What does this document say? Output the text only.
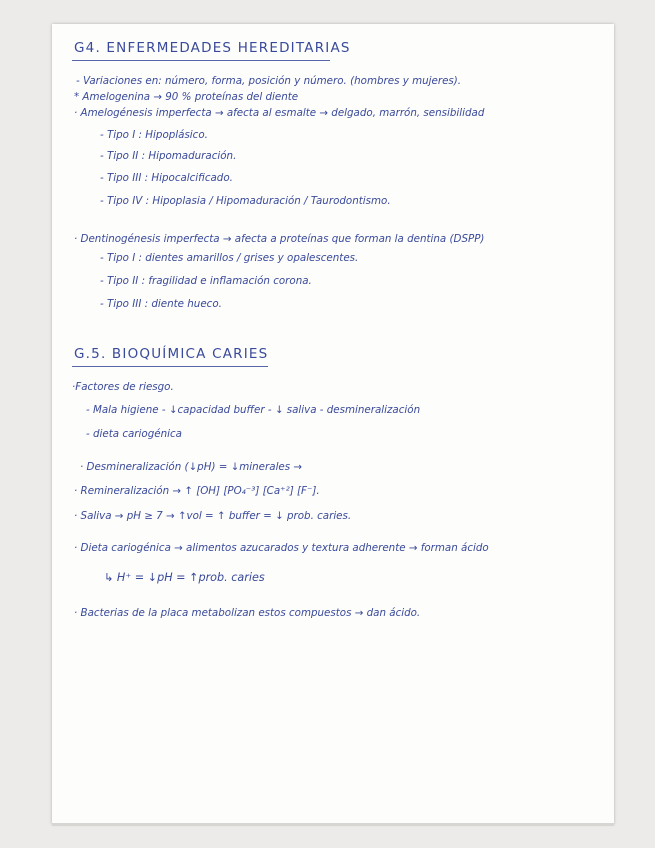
G4. ENFERMEDADES HEREDITARIAS
- Variaciones en: número, forma, posición y número. (hombres y mujeres).
* Amelogenina → 90 % proteínas del diente
· Amelogénesis imperfecta → afecta al esmalte → delgado, marrón, sensibilidad
- Tipo I : Hipoplásico.
- Tipo II : Hipomaduración.
- Tipo III : Hipocalcificado.
- Tipo IV : Hipoplasia / Hipomaduración / Taurodontismo.
· Dentinogénesis imperfecta → afecta a proteínas que forman la dentina (DSPP)
- Tipo I : dientes amarillos / grises y opalescentes.
- Tipo II : fragilidad e inflamación corona.
- Tipo III : diente hueco.
G.5. BIOQUÍMICA CARIES
·Factores de riesgo.
- Mala higiene - ↓capacidad buffer - ↓ saliva - desmineralización
- dieta cariogénica
· Desmineralización (↓pH) = ↓minerales →
· Remineralización → ↑ [OH] [PO₄⁻³] [Ca⁺²] [F⁻].
· Saliva → pH ≥ 7 → ↑vol = ↑ buffer = ↓ prob. caries.
· Dieta cariogénica → alimentos azucarados y textura adherente → forman ácido
↳ H⁺ = ↓pH = ↑prob. caries
· Bacterias de la placa metabolizan estos compuestos → dan ácido.
